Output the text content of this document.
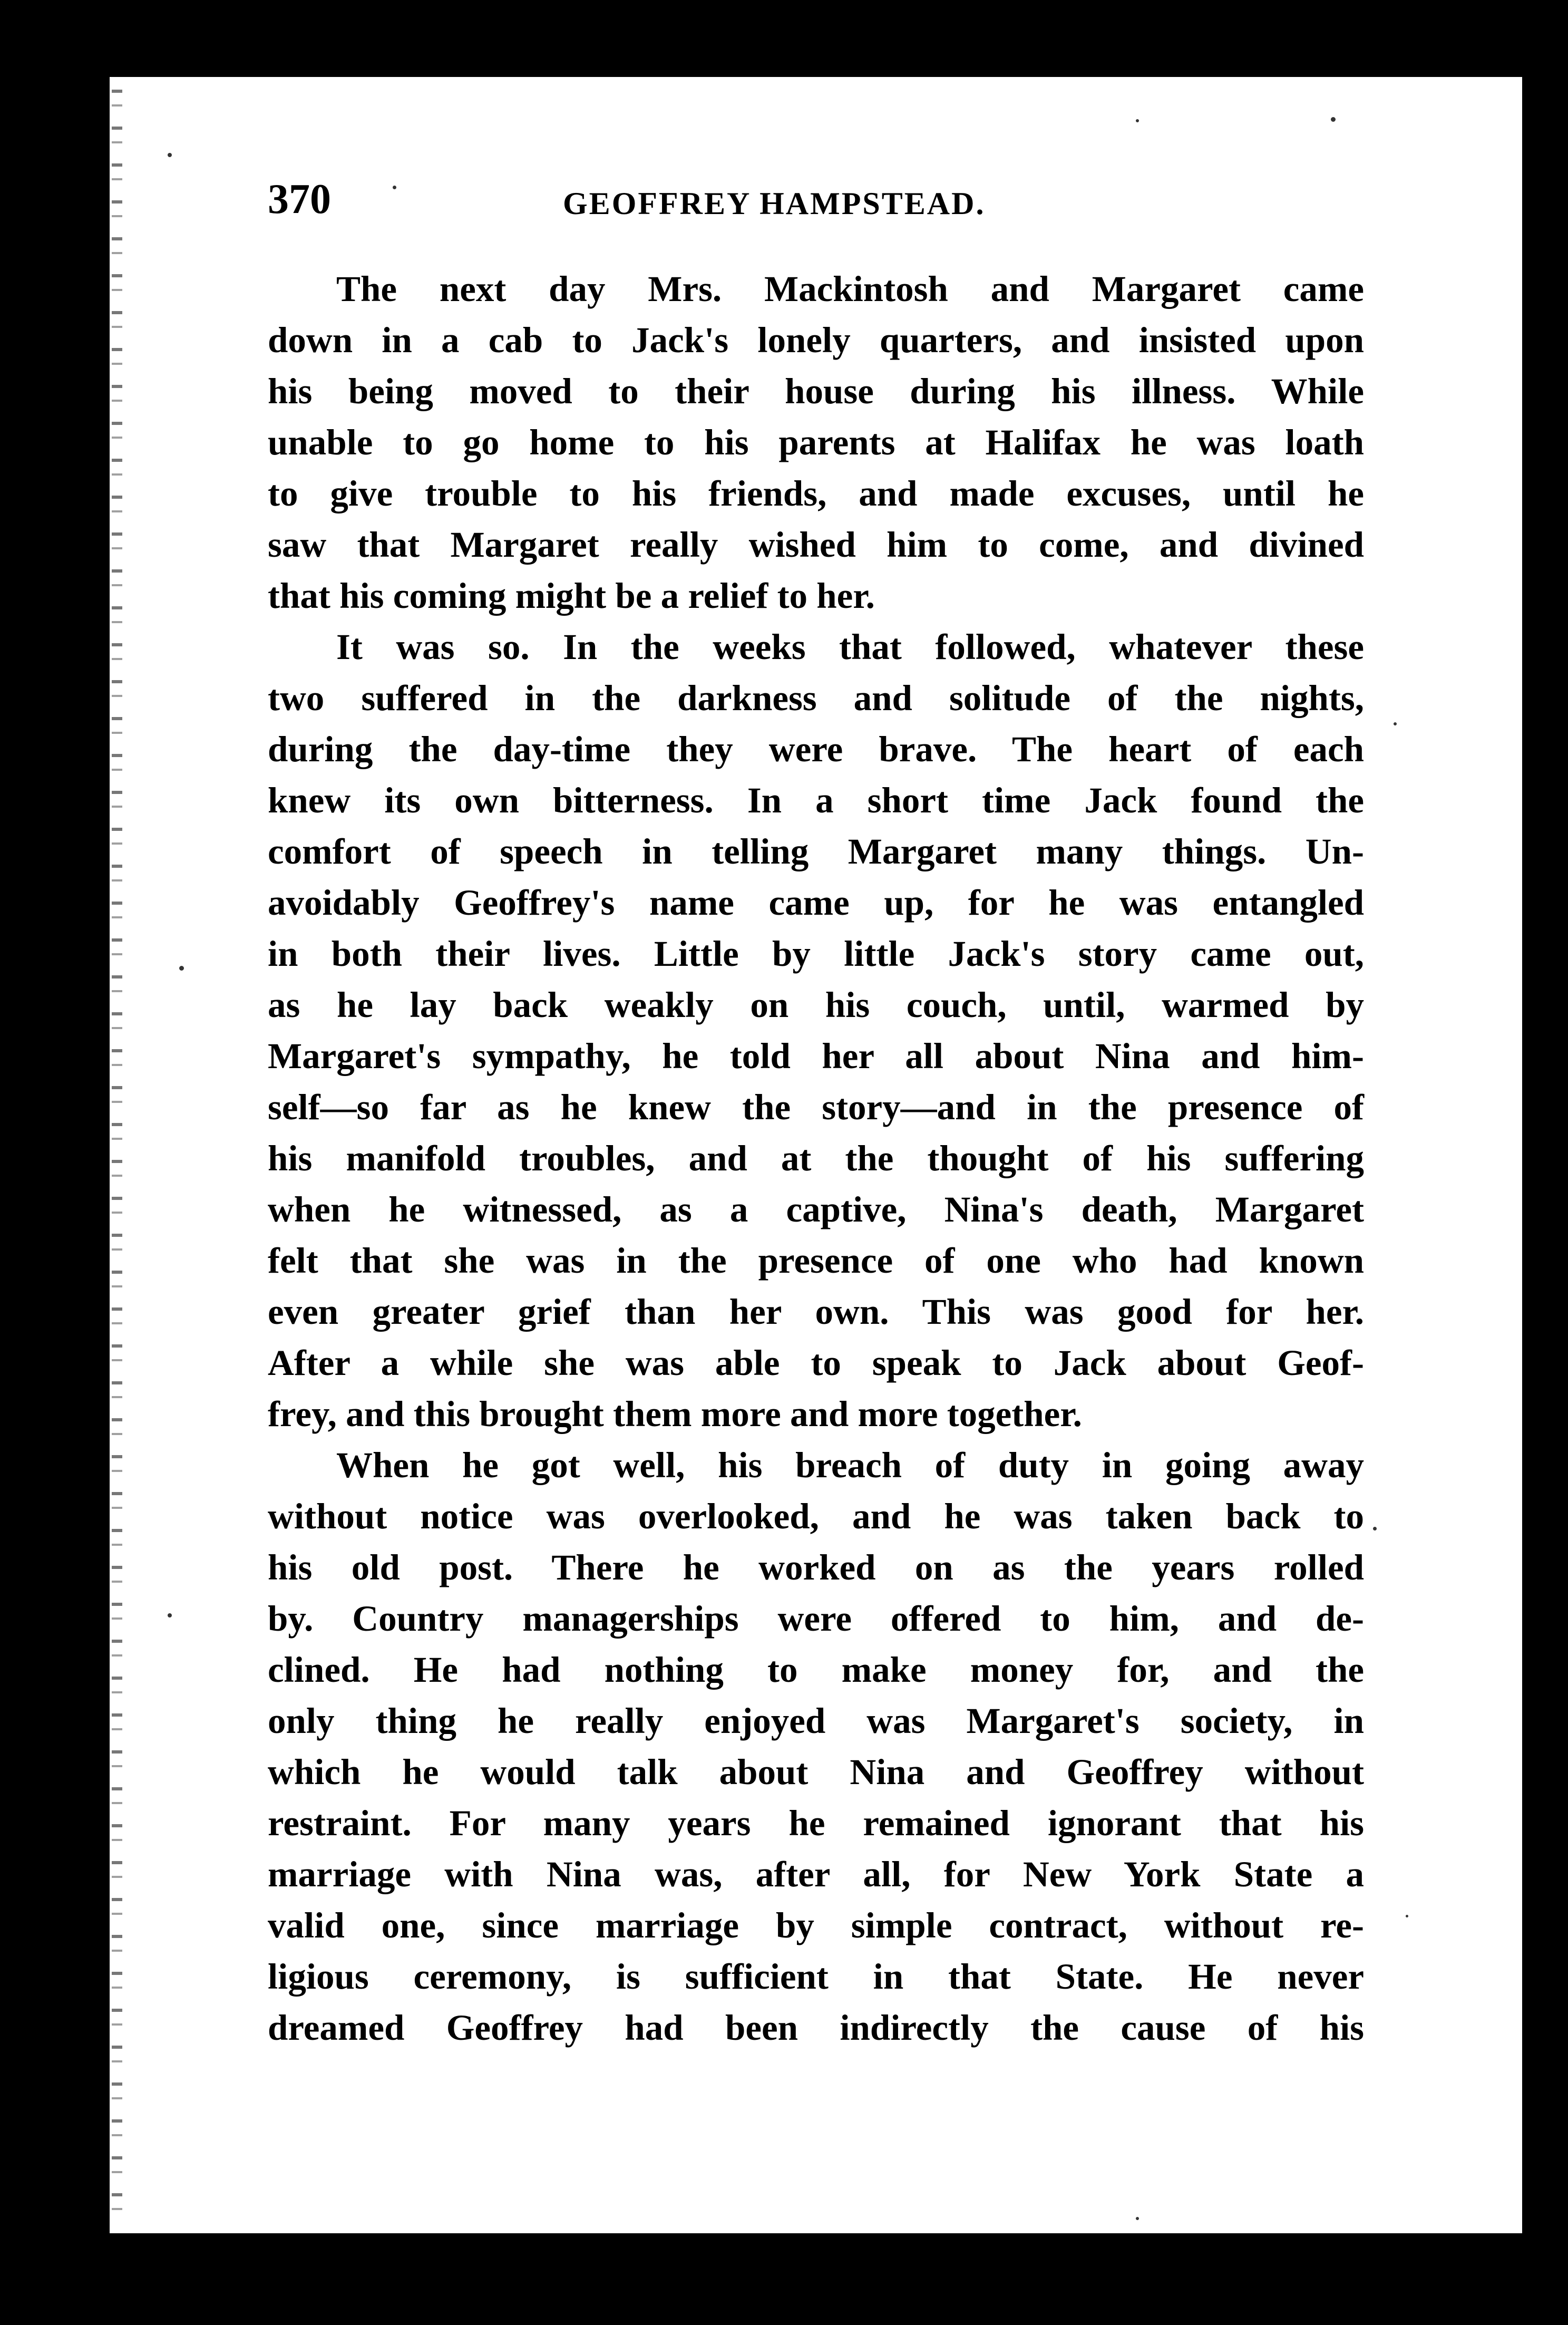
370	GEOFFREY HAMPSTEAD.
The next day Mrs. Mackintosh and Margaret came
down in a cab to Jack's lonely quarters, and insisted upon
his being moved to their house during his illness. While
unable to go home to his parents at Halifax he was loath
to give trouble to his friends, and made excuses, until he
saw that Margaret really wished him to come, and divined
that his coming might be a relief to her.
It was so. In the weeks that followed, whatever these
two suffered in the darkness and solitude of the nights,
during the day-time they were brave. The heart of each
knew its own bitterness. In a short time Jack found the
comfort of speech in telling Margaret many things. Un-
avoidably Geoffrey's name came up, for he was entangled
in both their lives. Little by little Jack's story came out,
as he lay back weakly on his couch, until, warmed by
Margaret's sympathy, he told her all about Nina and him-
self—so far as he knew the story—and in the presence of
his manifold troubles, and at the thought of his suffering
when he witnessed, as a captive, Nina's death, Margaret
felt that she was in the presence of one who had known
even greater grief than her own. This was good for her.
After a while she was able to speak to Jack about Geof-
frey, and this brought them more and more together.
When he got well, his breach of duty in going away
without notice was overlooked, and he was taken back to
his old post. There he worked on as the years rolled
by. Country managerships were offered to him, and de-
clined. He had nothing to make money for, and the
only thing he really enjoyed was Margaret's society, in
which he would talk about Nina and Geoffrey without
restraint. For many years he remained ignorant that his
marriage with Nina was, after all, for New York State a
valid one, since marriage by simple contract, without re-
ligious ceremony, is sufficient in that State. He never
dreamed Geoffrey had been indirectly the cause of his
